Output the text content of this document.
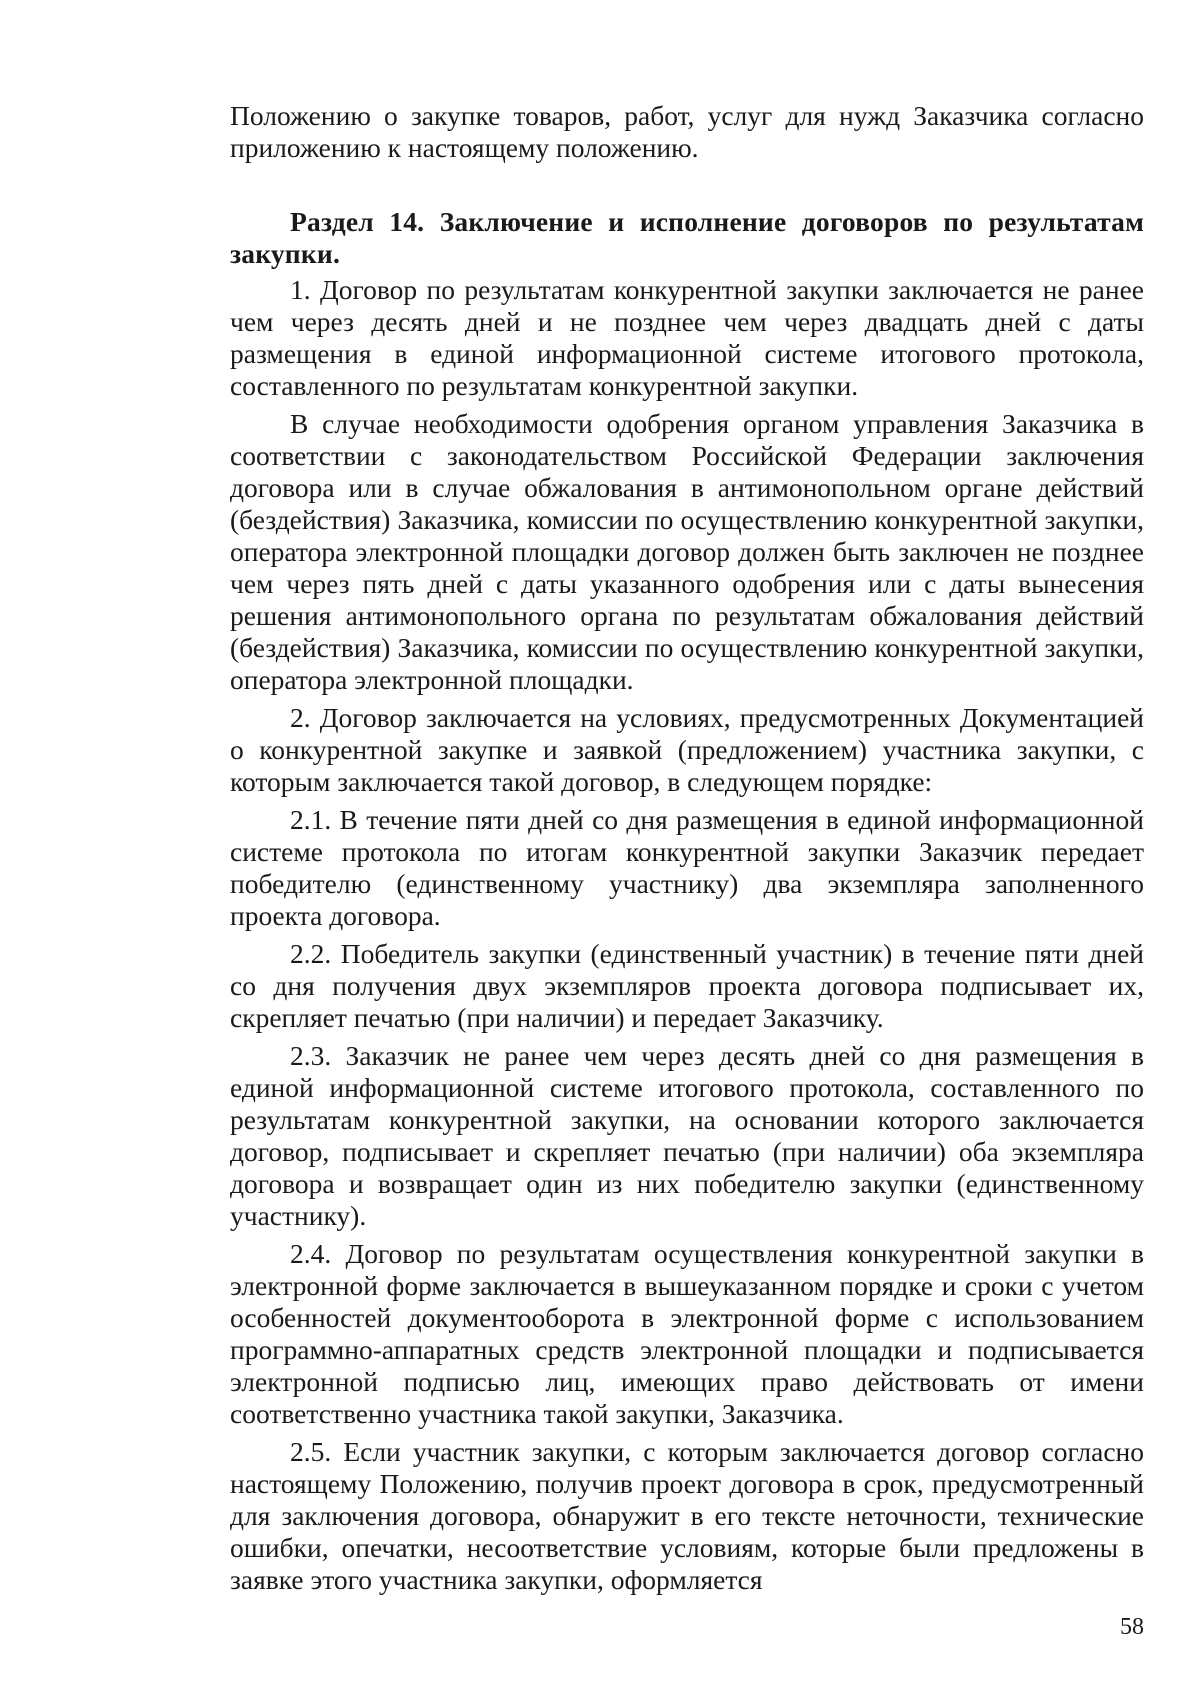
Положению о закупке товаров, работ, услуг для нужд Заказчика согласно приложению к настоящему положению.

Раздел 14. Заключение и исполнение договоров по результатам закупки.

1. Договор по результатам конкурентной закупки заключается не ранее чем через десять дней и не позднее чем через двадцать дней с даты размещения в единой информационной системе итогового протокола, составленного по результатам конкурентной закупки.

В случае необходимости одобрения органом управления Заказчика в соответствии с законодательством Российской Федерации заключения договора или в случае обжалования в антимонопольном органе действий (бездействия) Заказчика, комиссии по осуществлению конкурентной закупки, оператора электронной площадки договор должен быть заключен не позднее чем через пять дней с даты указанного одобрения или с даты вынесения решения антимонопольного органа по результатам обжалования действий (бездействия) Заказчика, комиссии по осуществлению конкурентной закупки, оператора электронной площадки.

2. Договор заключается на условиях, предусмотренных Документацией о конкурентной закупке и заявкой (предложением) участника закупки, с которым заключается такой договор, в следующем порядке:

2.1. В течение пяти дней со дня размещения в единой информационной системе протокола по итогам конкурентной закупки Заказчик передает победителю (единственному участнику) два экземпляра заполненного проекта договора.

2.2. Победитель закупки (единственный участник) в течение пяти дней со дня получения двух экземпляров проекта договора подписывает их, скрепляет печатью (при наличии) и передает Заказчику.

2.3. Заказчик не ранее чем через десять дней со дня размещения в единой информационной системе итогового протокола, составленного по результатам конкурентной закупки, на основании которого заключается договор, подписывает и скрепляет печатью (при наличии) оба экземпляра договора и возвращает один из них победителю закупки (единственному участнику).

2.4. Договор по результатам осуществления конкурентной закупки в электронной форме заключается в вышеуказанном порядке и сроки с учетом особенностей документооборота в электронной форме с использованием программно-аппаратных средств электронной площадки и подписывается электронной подписью лиц, имеющих право действовать от имени соответственно участника такой закупки, Заказчика.

2.5. Если участник закупки, с которым заключается договор согласно настоящему Положению, получив проект договора в срок, предусмотренный для заключения договора, обнаружит в его тексте неточности, технические ошибки, опечатки, несоответствие условиям, которые были предложены в заявке этого участника закупки, оформляется

58
